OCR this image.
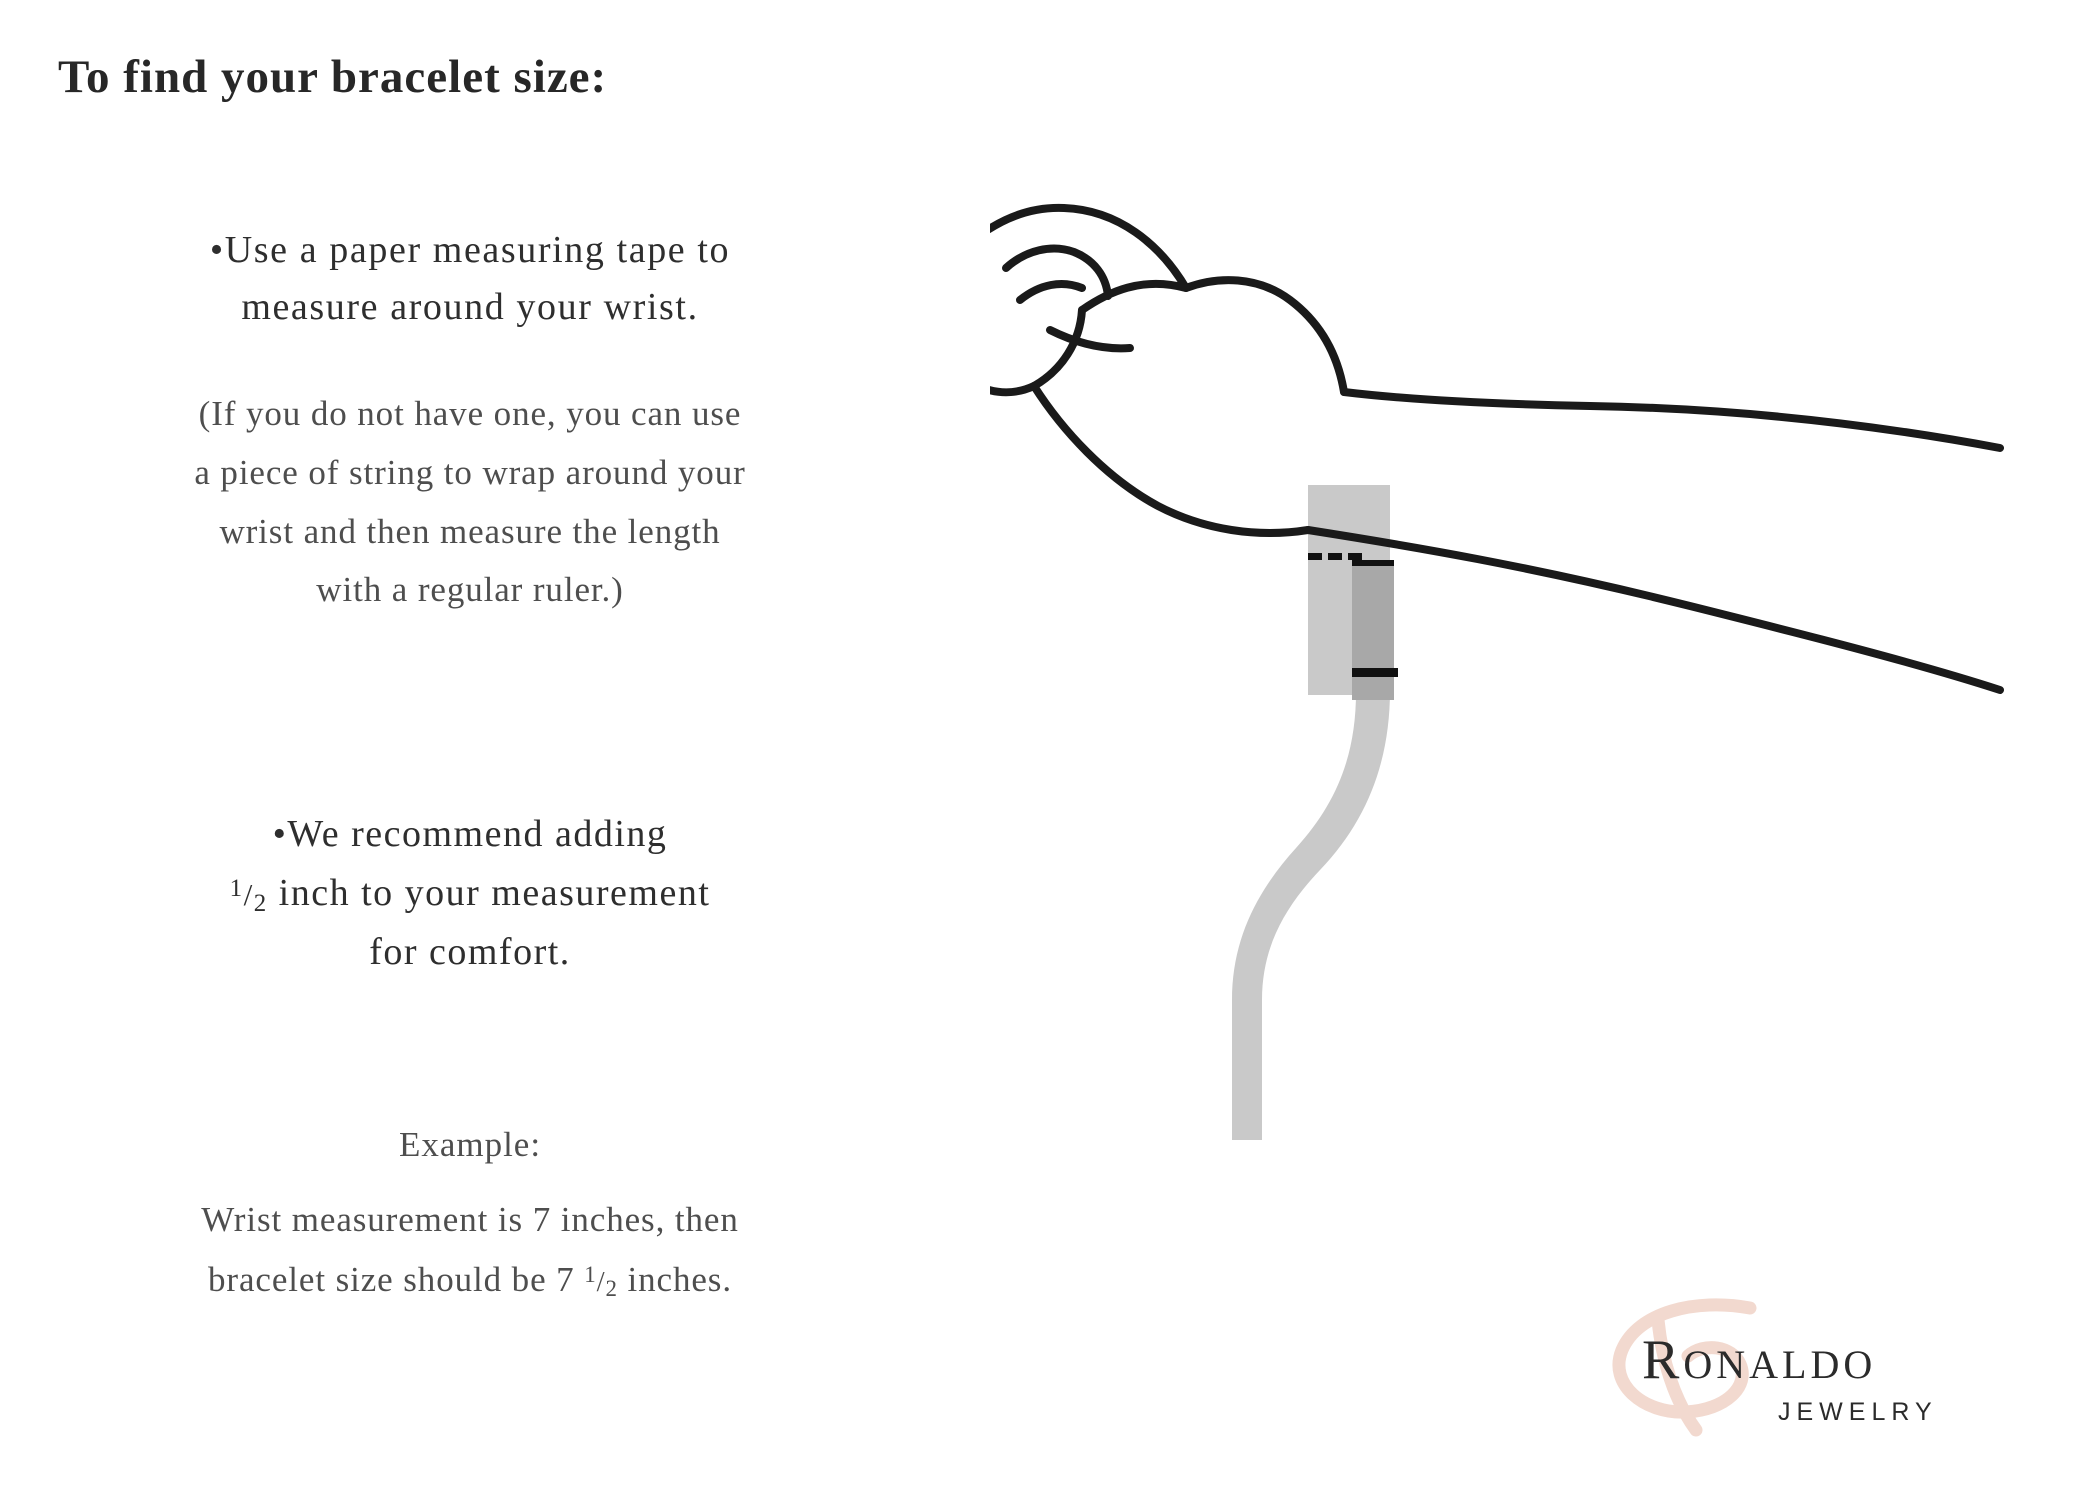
To find your bracelet size:
•Use a paper measuring tape to
measure around your wrist.
(If you do not have one, you can use
a piece of string to wrap around your
wrist and then measure the length
with a regular ruler.)
•We recommend adding
$^1/_2$ inch to your measurement
for comfort.
Example:
Wrist measurement is 7 inches, then
bracelet size should be 7 $^1/_2$ inches.
RONALDO
JEWELRY
